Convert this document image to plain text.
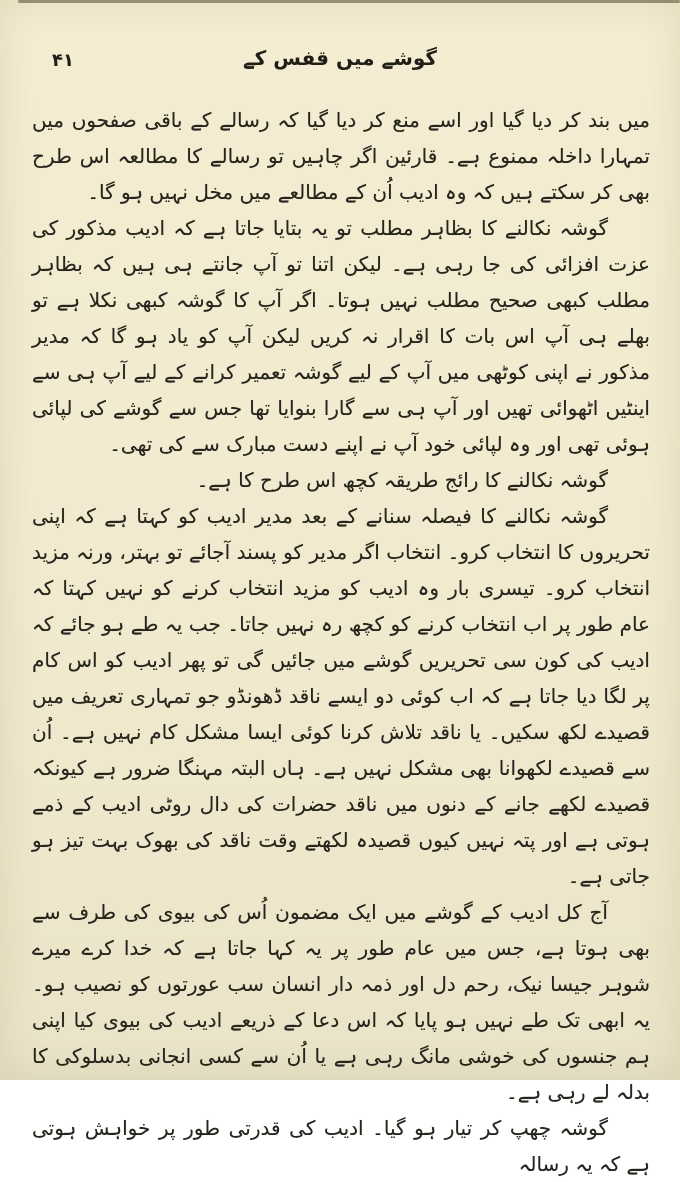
۴۱	گوشے میں قفس کے

میں بند کر دیا گیا اور اسے منع کر دیا گیا کہ رسالے کے باقی صفحوں میں تمہارا داخلہ ممنوع ہے۔ قارئین اگر چاہیں تو رسالے کا مطالعہ اس طرح بھی کر سکتے ہیں کہ وہ ادیب اُن کے مطالعے میں مخل نہیں ہو گا۔

گوشہ نکالنے کا بظاہر مطلب تو یہ بتایا جاتا ہے کہ ادیب مذکور کی عزت افزائی کی جا رہی ہے۔ لیکن اتنا تو آپ جانتے ہی ہیں کہ بظاہر مطلب کبھی صحیح مطلب نہیں ہوتا۔ اگر آپ کا گوشہ کبھی نکلا ہے تو بھلے ہی آپ اس بات کا اقرار نہ کریں لیکن آپ کو یاد ہو گا کہ مدیر مذکور نے اپنی کوٹھی میں آپ کے لیے گوشہ تعمیر کرانے کے لیے آپ ہی سے اینٹیں اٹھوائی تھیں اور آپ ہی سے گارا بنوایا تھا جس سے گوشے کی لپائی ہوئی تھی اور وہ لپائی خود آپ نے اپنے دست مبارک سے کی تھی۔

گوشہ نکالنے کا رائج طریقہ کچھ اس طرح کا ہے۔

گوشہ نکالنے کا فیصلہ سنانے کے بعد مدیر ادیب کو کہتا ہے کہ اپنی تحریروں کا انتخاب کرو۔ انتخاب اگر مدیر کو پسند آجائے تو بہتر، ورنہ مزید انتخاب کرو۔ تیسری بار وہ ادیب کو مزید انتخاب کرنے کو نہیں کہتا کہ عام طور پر اب انتخاب کرنے کو کچھ رہ نہیں جاتا۔ جب یہ طے ہو جائے کہ ادیب کی کون سی تحریریں گوشے میں جائیں گی تو پھر ادیب کو اس کام پر لگا دیا جاتا ہے کہ اب کوئی دو ایسے ناقد ڈھونڈو جو تمہاری تعریف میں قصیدے لکھ سکیں۔ یا ناقد تلاش کرنا کوئی ایسا مشکل کام نہیں ہے۔ اُن سے قصیدے لکھوانا بھی مشکل نہیں ہے۔ ہاں البتہ مہنگا ضرور ہے کیونکہ قصیدے لکھے جانے کے دنوں میں ناقد حضرات کی دال روٹی ادیب کے ذمے ہوتی ہے اور پتہ نہیں کیوں قصیدہ لکھتے وقت ناقد کی بھوک بہت تیز ہو جاتی ہے۔

آج کل ادیب کے گوشے میں ایک مضمون اُس کی بیوی کی طرف سے بھی ہوتا ہے، جس میں عام طور پر یہ کہا جاتا ہے کہ خدا کرے میرے شوہر جیسا نیک، رحم دل اور ذمہ دار انسان سب عورتوں کو نصیب ہو۔ یہ ابھی تک طے نہیں ہو پایا کہ اس دعا کے ذریعے ادیب کی بیوی کیا اپنی ہم جنسوں کی خوشی مانگ رہی ہے یا اُن سے کسی انجانی بدسلوکی کا بدلہ لے رہی ہے۔

گوشہ چھپ کر تیار ہو گیا۔ ادیب کی قدرتی طور پر خواہش ہوتی ہے کہ یہ رسالہ
